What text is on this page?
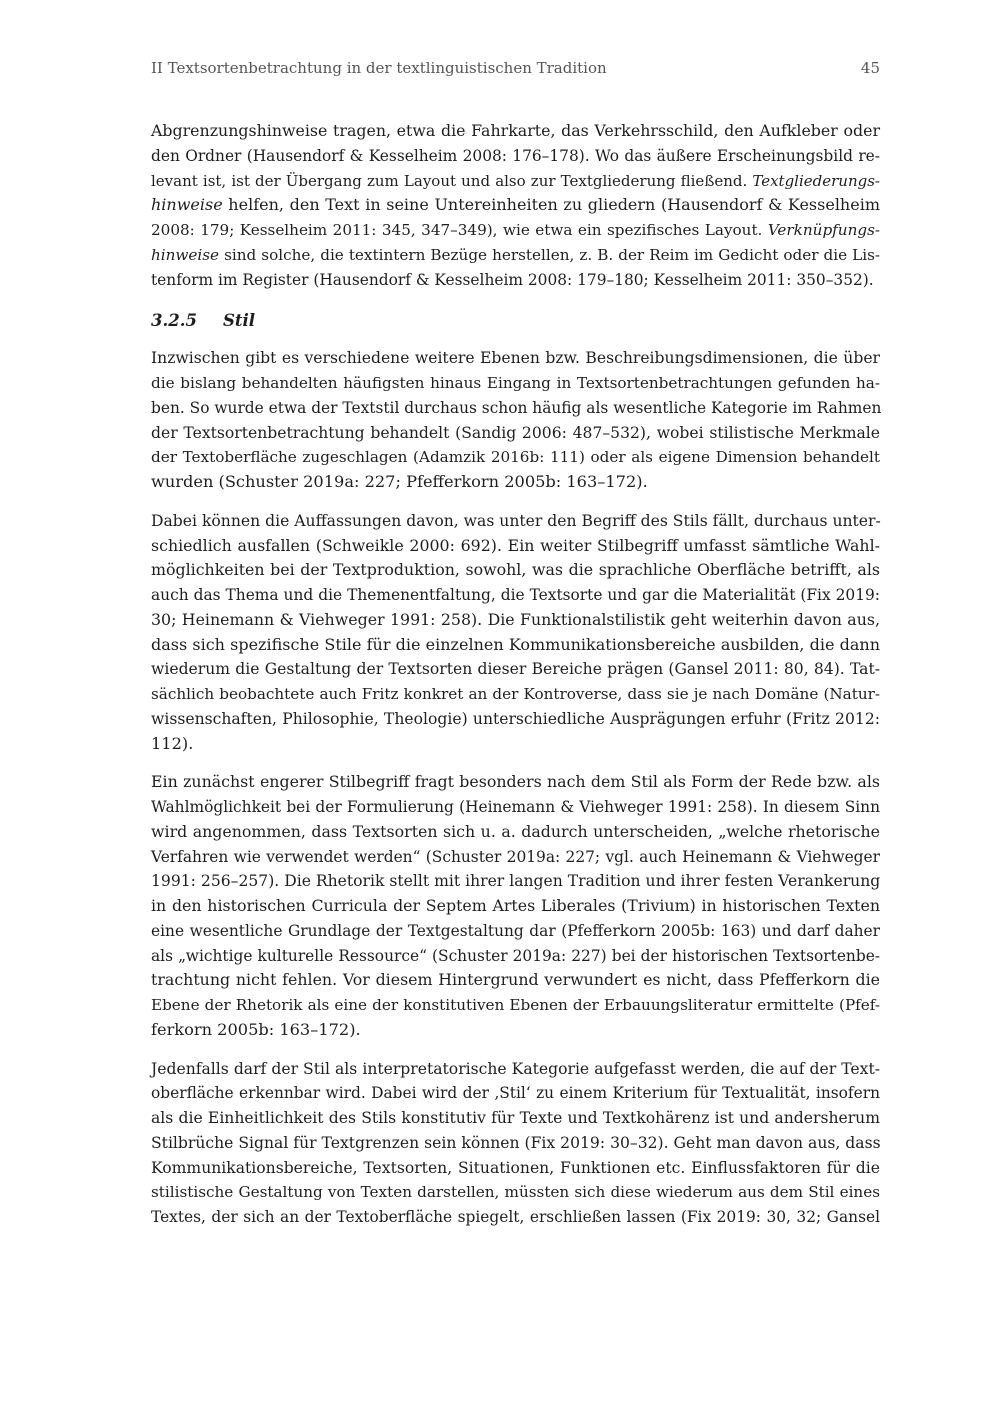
II Textsortenbetrachtung in der textlinguistischen Tradition	45
Abgrenzungshinweise tragen, etwa die Fahrkarte, das Verkehrsschild, den Aufkleber oder
den Ordner (Hausendorf & Kesselheim 2008: 176–178). Wo das äußere Erscheinungsbild re-
levant ist, ist der Übergang zum Layout und also zur Textgliederung fließend. Textgliederungs-
hinweise helfen, den Text in seine Untereinheiten zu gliedern (Hausendorf & Kesselheim
2008: 179; Kesselheim 2011: 345, 347–349), wie etwa ein spezifisches Layout. Verknüpfungs-
hinweise sind solche, die textintern Bezüge herstellen, z. B. der Reim im Gedicht oder die Lis-
tenform im Register (Hausendorf & Kesselheim 2008: 179–180; Kesselheim 2011: 350–352).
3.2.5 Stil
Inzwischen gibt es verschiedene weitere Ebenen bzw. Beschreibungsdimensionen, die über
die bislang behandelten häufigsten hinaus Eingang in Textsortenbetrachtungen gefunden ha-
ben. So wurde etwa der Textstil durchaus schon häufig als wesentliche Kategorie im Rahmen
der Textsortenbetrachtung behandelt (Sandig 2006: 487–532), wobei stilistische Merkmale
der Textoberfläche zugeschlagen (Adamzik 2016b: 111) oder als eigene Dimension behandelt
wurden (Schuster 2019a: 227; Pfefferkorn 2005b: 163–172).
Dabei können die Auffassungen davon, was unter den Begriff des Stils fällt, durchaus unter-
schiedlich ausfallen (Schweikle 2000: 692). Ein weiter Stilbegriff umfasst sämtliche Wahl-
möglichkeiten bei der Textproduktion, sowohl, was die sprachliche Oberfläche betrifft, als
auch das Thema und die Themenentfaltung, die Textsorte und gar die Materialität (Fix 2019:
30; Heinemann & Viehweger 1991: 258). Die Funktionalstilistik geht weiterhin davon aus,
dass sich spezifische Stile für die einzelnen Kommunikationsbereiche ausbilden, die dann
wiederum die Gestaltung der Textsorten dieser Bereiche prägen (Gansel 2011: 80, 84). Tat-
sächlich beobachtete auch Fritz konkret an der Kontroverse, dass sie je nach Domäne (Natur-
wissenschaften, Philosophie, Theologie) unterschiedliche Ausprägungen erfuhr (Fritz 2012:
112).
Ein zunächst engerer Stilbegriff fragt besonders nach dem Stil als Form der Rede bzw. als
Wahlmöglichkeit bei der Formulierung (Heinemann & Viehweger 1991: 258). In diesem Sinn
wird angenommen, dass Textsorten sich u. a. dadurch unterscheiden, „welche rhetorische
Verfahren wie verwendet werden“ (Schuster 2019a: 227; vgl. auch Heinemann & Viehweger
1991: 256–257). Die Rhetorik stellt mit ihrer langen Tradition und ihrer festen Verankerung
in den historischen Curricula der Septem Artes Liberales (Trivium) in historischen Texten
eine wesentliche Grundlage der Textgestaltung dar (Pfefferkorn 2005b: 163) und darf daher
als „wichtige kulturelle Ressource“ (Schuster 2019a: 227) bei der historischen Textsortenbe-
trachtung nicht fehlen. Vor diesem Hintergrund verwundert es nicht, dass Pfefferkorn die
Ebene der Rhetorik als eine der konstitutiven Ebenen der Erbauungsliteratur ermittelte (Pfef-
ferkorn 2005b: 163–172).
Jedenfalls darf der Stil als interpretatorische Kategorie aufgefasst werden, die auf der Text-
oberfläche erkennbar wird. Dabei wird der ‚Stil‘ zu einem Kriterium für Textualität, insofern
als die Einheitlichkeit des Stils konstitutiv für Texte und Textkohärenz ist und andersherum
Stilbrüche Signal für Textgrenzen sein können (Fix 2019: 30–32). Geht man davon aus, dass
Kommunikationsbereiche, Textsorten, Situationen, Funktionen etc. Einflussfaktoren für die
stilistische Gestaltung von Texten darstellen, müssten sich diese wiederum aus dem Stil eines
Textes, der sich an der Textoberfläche spiegelt, erschließen lassen (Fix 2019: 30, 32; Gansel
